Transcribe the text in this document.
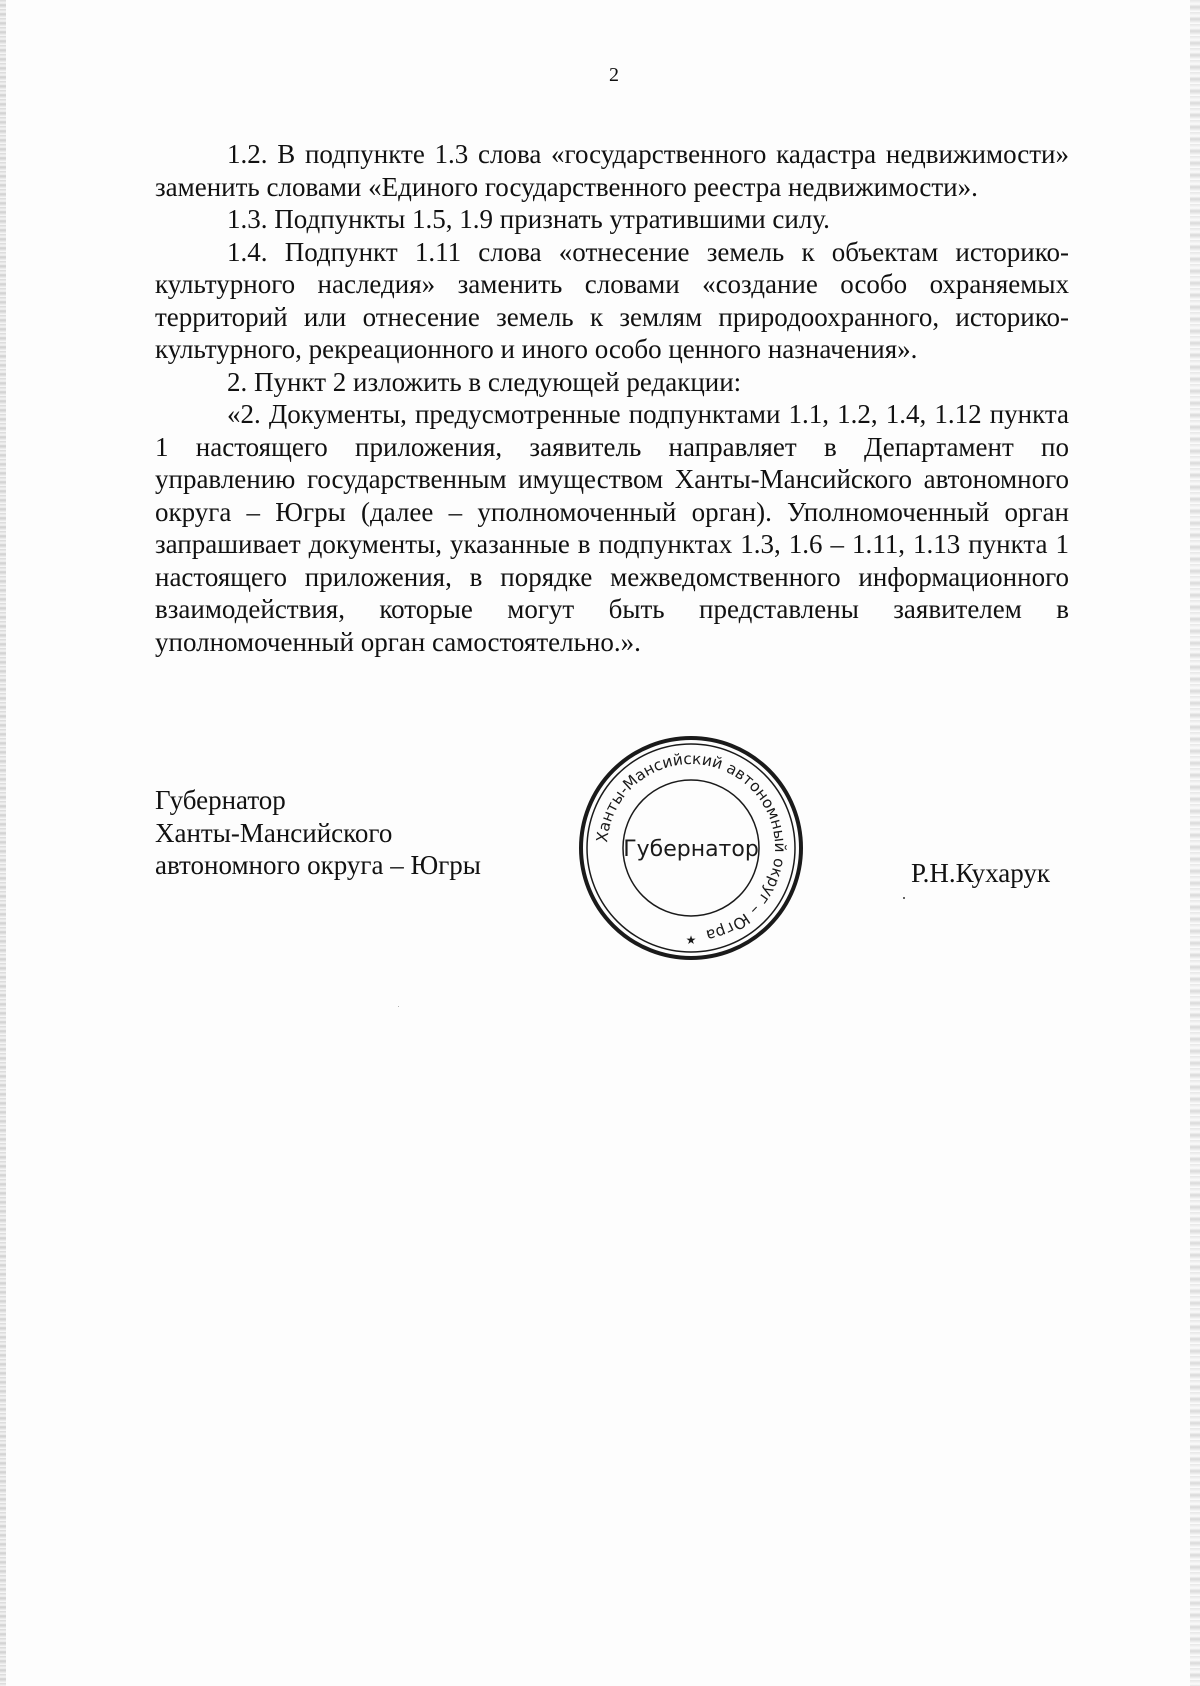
2

1.2. В подпункте 1.3 слова «государственного кадастра недвижимости» заменить словами «Единого государственного реестра недвижимости».

1.3. Подпункты 1.5, 1.9 признать утратившими силу.

1.4. Подпункт 1.11 слова «отнесение земель к объектам историко-культурного наследия» заменить словами «создание особо охраняемых территорий или отнесение земель к землям природоохранного, историко-культурного, рекреационного и иного особо ценного назначения».

2. Пункт 2 изложить в следующей редакции:

«2. Документы, предусмотренные подпунктами 1.1, 1.2, 1.4, 1.12 пункта 1 настоящего приложения, заявитель направляет в Департамент по управлению государственным имуществом Ханты-Мансийского автономного округа – Югры (далее – уполномоченный орган). Уполномоченный орган запрашивает документы, указанные в подпунктах 1.3, 1.6 – 1.11, 1.13 пункта 1 настоящего приложения, в порядке межведомственного информационного взаимодействия, которые могут быть представлены заявителем в уполномоченный орган самостоятельно.».

Губернатор
Ханты-Мансийского
автономного округа – Югры
Ханты-Мансийский автономный округ – Югра
Губернатор
★
Р.Н.Кухарук
